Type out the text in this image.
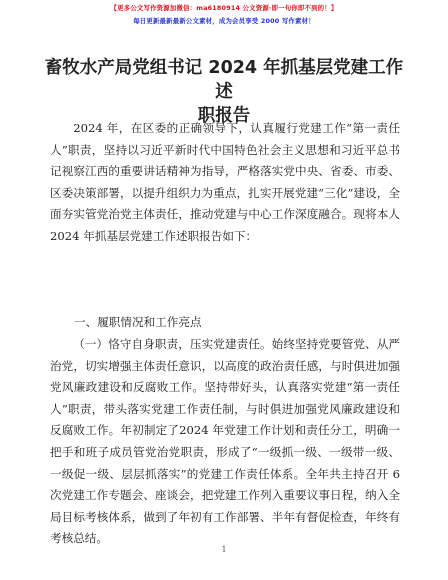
【更多公文写作资源加微信：ma6180914 公文资源·即一句你即不到的！】
每日更新最新最新公文素材，成为会员享受 2000 写作素材！
畜牧水产局党组书记 2024 年抓基层党建工作述
职报告

2024 年，在区委的正确领导下，认真履行党建工作“第一责任人”职责，坚持以习近平新时代中国特色社会主义思想和习近平总书记视察江西的重要讲话精神为指导，严格落实党中央、省委、市委、区委决策部署，以提升组织力为重点，扎实开展党建“三化”建设，全面夯实管党治党主体责任，推动党建与中心工作深度融合。现将本人 2024 年抓基层党建工作述职报告如下：

一、履职情况和工作亮点

（一）恪守自身职责，压实党建责任。始终坚持党要管党、从严治党，切实增强主体责任意识，以高度的政治责任感，与时俱进加强党风廉政建设和反腐败工作。坚持带好头，认真落实党建“第一责任人”职责，带头落实党建工作责任制，与时俱进加强党风廉政建设和反腐败工作。年初制定了2024 年党建工作计划和责任分工，明确一把手和班子成员管党治党职责，形成了“一级抓一级、一级带一级、一级促一级、层层抓落实”的党建工作责任体系。全年共主持召开 6 次党建工作专题会、座谈会，把党建工作列入重要议事日程，纳入全局目标考核体系，做到了年初有工作部署、半年有督促检查，年终有考核总结。

1
